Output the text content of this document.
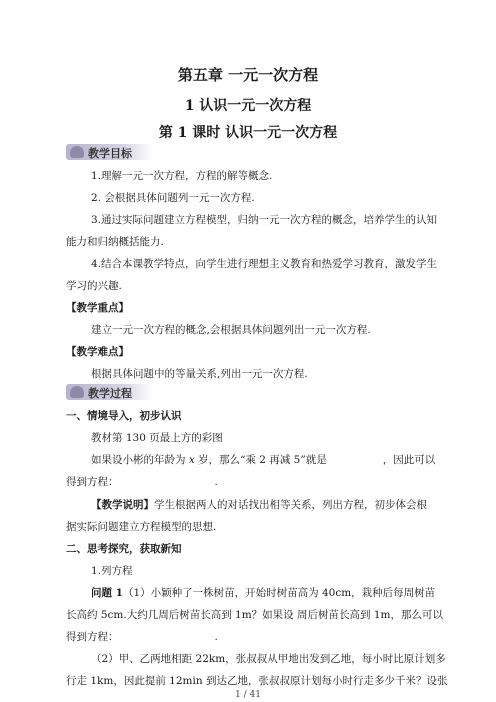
第五章 一元一次方程
1 认识一元一次方程
第 1 课时 认识一元一次方程
教学目标
1.理解一元一次方程，方程的解等概念.
2. 会根据具体问题列一元一次方程.
3.通过实际问题建立方程模型，归纳一元一次方程的概念，培养学生的认知
能力和归纳概括能力.
4.结合本课教学特点，向学生进行理想主义教育和热爱学习教育，激发学生
学习的兴趣.
【教学重点】
建立一元一次方程的概念,会根据具体问题列出一元一次方程.
【教学难点】
根据具体问题中的等量关系,列出一元一次方程.
教学过程
一、情境导入，初步认识
教材第 130 页最上方的彩图
如果设小彬的年龄为 x 岁，那么“乘 2 再减 5”就是	，因此可以
得到方程：	.
【教学说明】学生根据两人的对话找出相等关系，列出方程，初步体会根
据实际问题建立方程模型的思想.
二、思考探究，获取新知
1.列方程
问题 1（1）小颖种了一株树苗，开始时树苗高为 40cm，栽种后每周树苗
长高约 5cm.大约几周后树苗长高到 1m？如果设 周后树苗长高到 1m，那么可以
得到方程：	.
（2）甲、乙两地相距 22km，张叔叔从甲地出发到乙地，每小时比原计划多
行走 1km，因此提前 12min 到达乙地，张叔叔原计划每小时行走多少千米？设张
1 / 41
